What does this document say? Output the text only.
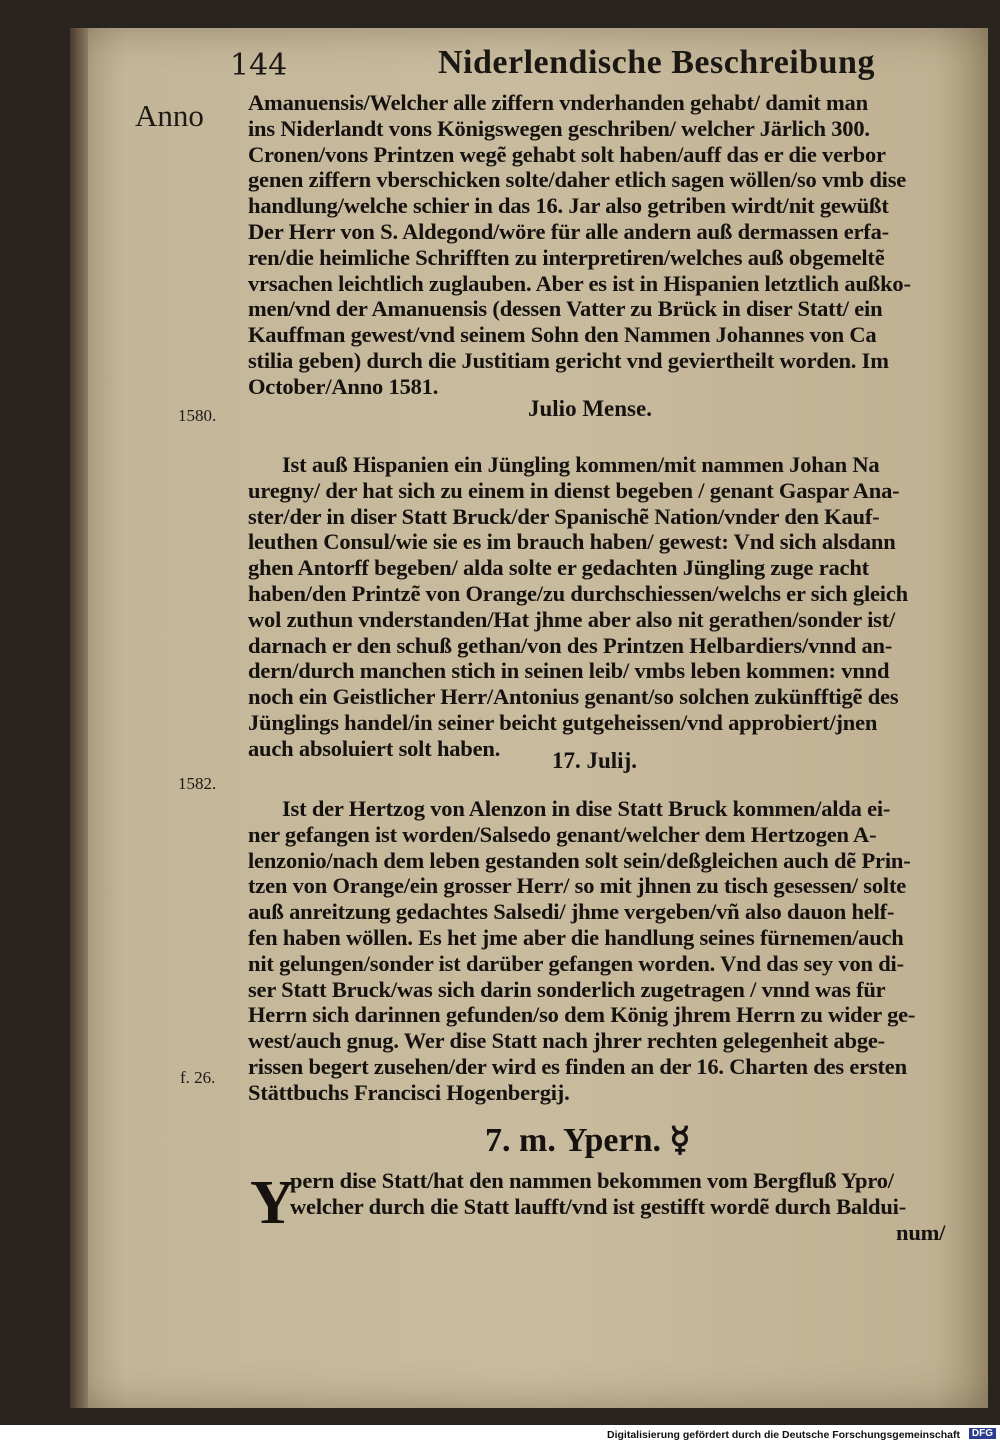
144	Niderlendische Beschreibung
Anno
1580.
1582.
f. 26.
Amanuensis/Welcher alle ziffern vnderhanden gehabt/ damit man
ins Niderlandt vons Königswegen geschriben/ welcher Järlich 300.
Cronen/vons Printzen wegẽ gehabt solt haben/auff das er die verbor
genen ziffern vberschicken solte/daher etlich sagen wöllen/so vmb dise
handlung/welche schier in das 16. Jar also getriben wirdt/nit gewüßt
Der Herr von S. Aldegond/wöre für alle andern auß dermassen erfa-
ren/die heimliche Schrifften zu interpretiren/welches auß obgemeltẽ
vrsachen leichtlich zuglauben. Aber es ist in Hispanien letztlich außko-
men/vnd der Amanuensis (dessen Vatter zu Brück in diser Statt/ ein
Kauffman gewest/vnd seinem Sohn den Nammen Johannes von Ca
stilia geben) durch die Justitiam gericht vnd geviertheilt worden. Im
October/Anno 1581.
Julio Mense.
Ist auß Hispanien ein Jüngling kommen/mit nammen Johan Na
uregny/ der hat sich zu einem in dienst begeben / genant Gaspar Ana-
ster/der in diser Statt Bruck/der Spanischẽ Nation/vnder den Kauf-
leuthen Consul/wie sie es im brauch haben/ gewest: Vnd sich alsdann
ghen Antorff begeben/ alda solte er gedachten Jüngling zuge racht
haben/den Printzẽ von Orange/zu durchschiessen/welchs er sich gleich
wol zuthun vnderstanden/Hat jhme aber also nit gerathen/sonder ist/
darnach er den schuß gethan/von des Printzen Helbardiers/vnnd an-
dern/durch manchen stich in seinen leib/ vmbs leben kommen: vnnd
noch ein Geistlicher Herr/Antonius genant/so solchen zukünfftigẽ des
Jünglings handel/in seiner beicht gutgeheissen/vnd approbiert/jnen
auch absoluiert solt haben.	17. Julij.
Ist der Hertzog von Alenzon in dise Statt Bruck kommen/alda ei-
ner gefangen ist worden/Salsedo genant/welcher dem Hertzogen A-
lenzonio/nach dem leben gestanden solt sein/deßgleichen auch dẽ Prin-
tzen von Orange/ein grosser Herr/ so mit jhnen zu tisch gesessen/ solte
auß anreitzung gedachtes Salsedi/ jhme vergeben/vñ also dauon helf-
fen haben wöllen. Es het jme aber die handlung seines fürnemen/auch
nit gelungen/sonder ist darüber gefangen worden. Vnd das sey von di-
ser Statt Bruck/was sich darin sonderlich zugetragen / vnnd was für
Herrn sich darinnen gefunden/so dem König jhrem Herrn zu wider ge-
west/auch gnug. Wer dise Statt nach jhrer rechten gelegenheit abge-
rissen begert zusehen/der wird es finden an der 16. Charten des ersten
Stättbuchs Francisci Hogenbergij.
7. m. Ypern. ☿
Y
pern dise Statt/hat den nammen bekommen vom Bergfluß Ypro/
welcher durch die Statt laufft/vnd ist gestifft wordẽ durch Baldui-
num/
Digitalisierung gefördert durch die Deutsche Forschungsgemeinschaft	DFG
